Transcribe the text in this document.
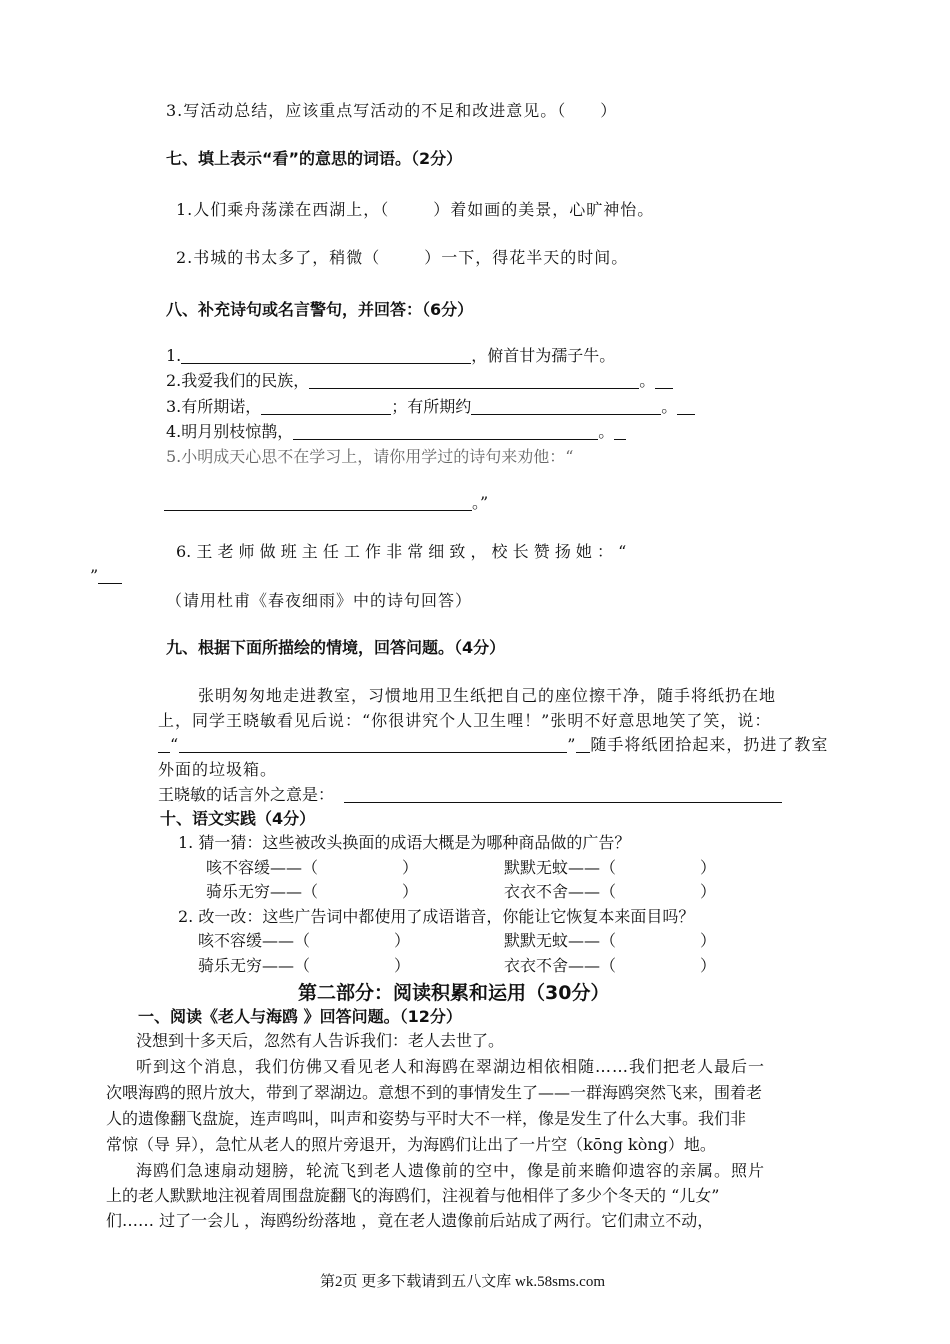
3.写活动总结，应该重点写活动的不足和改进意见。（　　）
七、填上表示“看”的意思的词语。（2分）
1.人们乘舟荡漾在西湖上，（	）着如画的美景，心旷神怡。
2.书城的书太多了，稍微（	）一下，得花半天的时间。
八、补充诗句或名言警句，并回答：（6分）
1.	，俯首甘为孺子牛。
2.我爱我们的民族，	。
3.有所期诺，	；有所期约	。
4.明月别枝惊鹊，	。
5.小明成天心思不在学习上，请你用学过的诗句来劝他：“
。”
6. 王 老 师 做 班 主 任 工 作 非 常 细 致 ， 校 长 赞 扬 她 ： “
”
（请用杜甫《春夜细雨》中的诗句回答）
九、根据下面所描绘的情境，回答问题。（4分）
张明匆匆地走进教室，习惯地用卫生纸把自己的座位擦干净，随手将纸扔在地
上，同学王晓敏看见后说：“你很讲究个人卫生哩！”张明不好意思地笑了笑，说：
“	” 随手将纸团拾起来，扔进了教室
外面的垃圾箱。
王晓敏的话言外之意是：
十、语文实践（4分）
1. 猜一猜：这些被改头换面的成语大概是为哪种商品做的广告？
咳不容缓——（	）	默默无蚊——（	）
骑乐无穷——（	）	衣衣不舍——（	）
2. 改一改：这些广告词中都使用了成语谐音，你能让它恢复本来面目吗？
咳不容缓——（	）	默默无蚊——（	）
骑乐无穷——（	）	衣衣不舍——（	）
第二部分：阅读积累和运用（30分）
一、阅读《老人与海鸥 》回答问题。（12分）
没想到十多天后，忽然有人告诉我们：老人去世了。
听到这个消息，我们仿佛又看见老人和海鸥在翠湖边相依相随……我们把老人最后一
次喂海鸥的照片放大，带到了翠湖边。意想不到的事情发生了——一群海鸥突然飞来，围着老
人的遗像翻飞盘旋，连声鸣叫，叫声和姿势与平时大不一样，像是发生了什么大事。我们非
常惊（导 异），急忙从老人的照片旁退开，为海鸥们让出了一片空（kōng kòng）地。
海鸥们急速扇动翅膀，轮流飞到老人遗像前的空中，像是前来瞻仰遗容的亲属。照片
上的老人默默地注视着周围盘旋翻飞的海鸥们，注视着与他相伴了多少个冬天的 “儿女”
们…… 过了一会儿 ，海鸥纷纷落地 ，竟在老人遗像前后站成了两行。它们肃立不动，
第2页 更多下载请到五八文库 wk.58sms.com
